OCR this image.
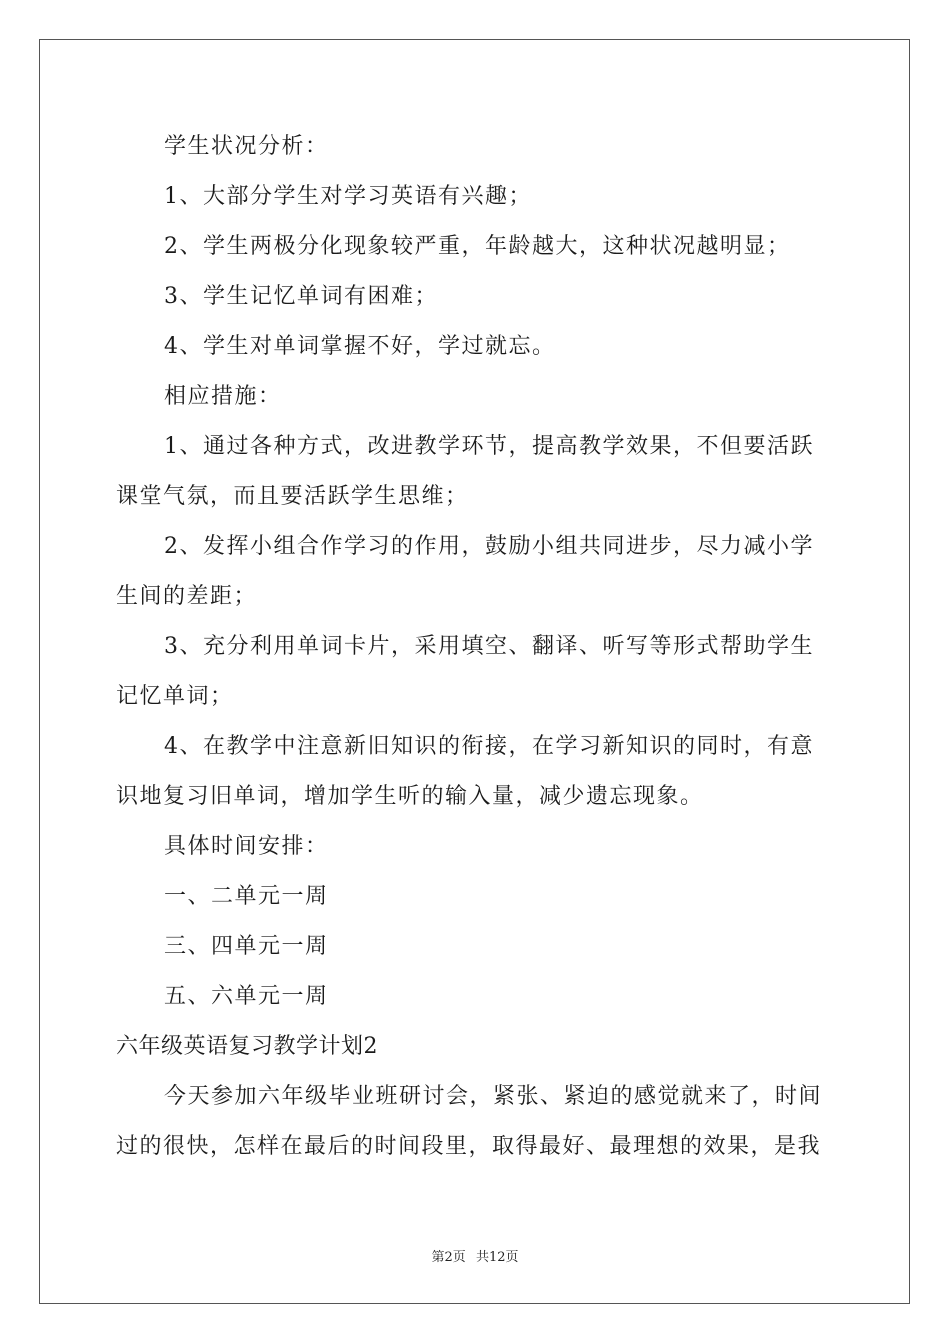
学生状况分析：

1、大部分学生对学习英语有兴趣；

2、学生两极分化现象较严重，年龄越大，这种状况越明显；

3、学生记忆单词有困难；

4、学生对单词掌握不好，学过就忘。

相应措施：

1、通过各种方式，改进教学环节，提高教学效果，不但要活跃课堂气氛，而且要活跃学生思维；

2、发挥小组合作学习的作用，鼓励小组共同进步，尽力减小学生间的差距；

3、充分利用单词卡片，采用填空、翻译、听写等形式帮助学生记忆单词；

4、在教学中注意新旧知识的衔接，在学习新知识的同时，有意识地复习旧单词，增加学生听的输入量，减少遗忘现象。

具体时间安排：

一、二单元一周

三、四单元一周

五、六单元一周

六年级英语复习教学计划2

今天参加六年级毕业班研讨会，紧张、紧迫的感觉就来了，时间过的很快，怎样在最后的时间段里，取得最好、最理想的效果，是我

第2页 共12页
